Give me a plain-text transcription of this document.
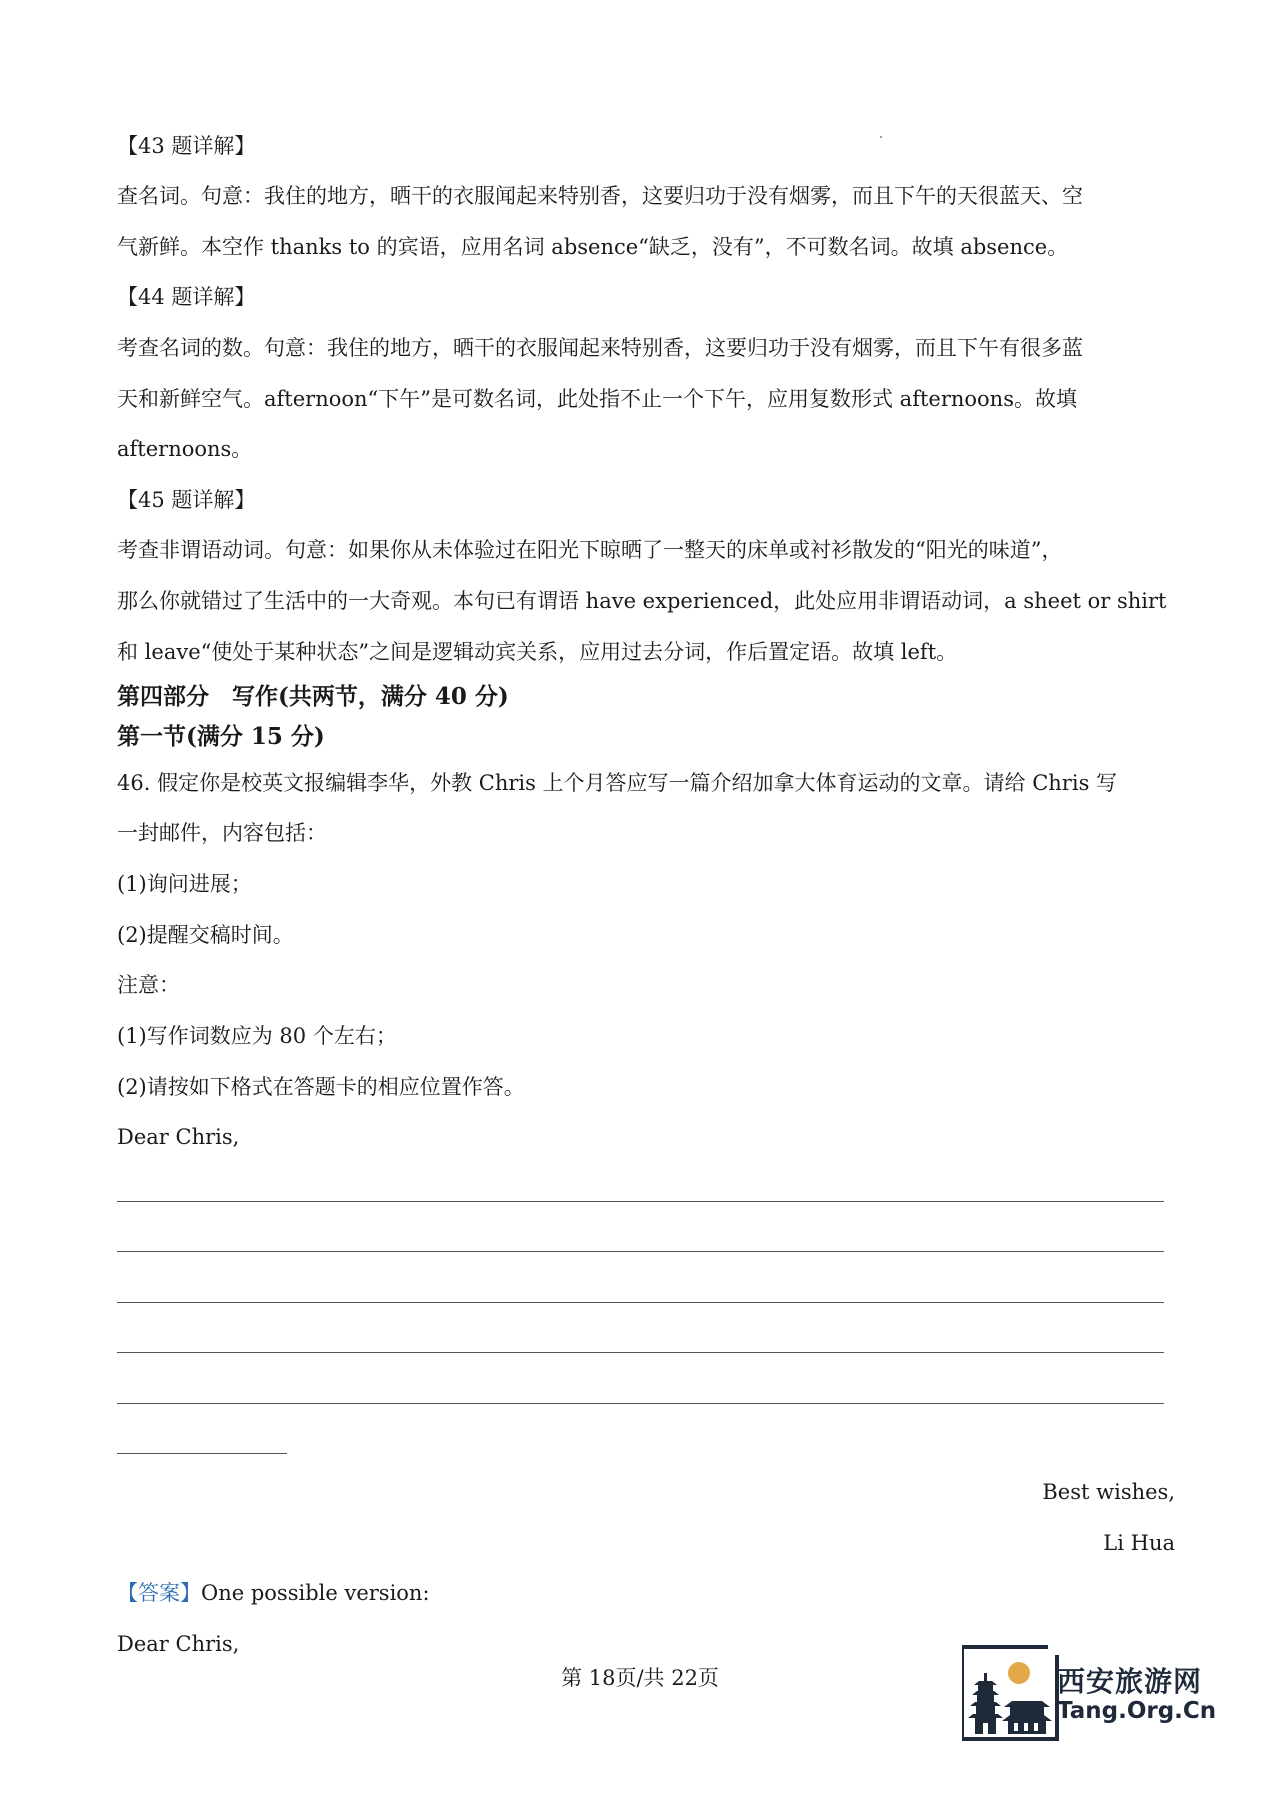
【43 题详解】
查名词。句意：我住的地方，晒干的衣服闻起来特别香，这要归功于没有烟雾，而且下午的天很蓝天、空
气新鲜。本空作 thanks to 的宾语，应用名词 absence“缺乏，没有”，不可数名词。故填 absence。
【44 题详解】
考查名词的数。句意：我住的地方，晒干的衣服闻起来特别香，这要归功于没有烟雾，而且下午有很多蓝
天和新鲜空气。afternoon“下午”是可数名词，此处指不止一个下午，应用复数形式 afternoons。故填
afternoons。
【45 题详解】
考查非谓语动词。句意：如果你从未体验过在阳光下晾晒了一整天的床单或衬衫散发的“阳光的味道”，
那么你就错过了生活中的一大奇观。本句已有谓语 have experienced，此处应用非谓语动词，a sheet or shirt
和 leave“使处于某种状态”之间是逻辑动宾关系，应用过去分词，作后置定语。故填 left。
第四部分　写作(共两节，满分 40 分)
第一节(满分 15 分)
46. 假定你是校英文报编辑李华，外教 Chris 上个月答应写一篇介绍加拿大体育运动的文章。请给 Chris 写
一封邮件，内容包括：
(1)询问进展；
(2)提醒交稿时间。
注意：
(1)写作词数应为 80 个左右；
(2)请按如下格式在答题卡的相应位置作答。
Dear Chris,
Best wishes,
Li Hua
【答案】One possible version:
Dear Chris,
第 18页/共 22页	西安旅游网
Tang.Org.Cn
